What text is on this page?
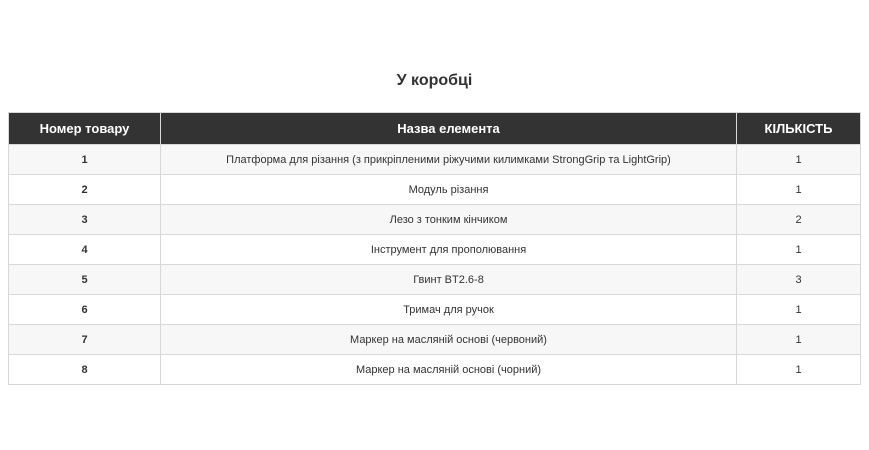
У коробці
Номер товару	Назва елемента	КІЛЬКІСТЬ
1	Платформа для різання (з прикріпленими ріжучими килимками StrongGrip та LightGrip)	1
2	Модуль різання	1
3	Лезо з тонким кінчиком	2
4	Інструмент для прополювання	1
5	Гвинт BT2.6-8	3
6	Тримач для ручок	1
7	Маркер на масляній основі (червоний)	1
8	Маркер на масляній основі (чорний)	1
